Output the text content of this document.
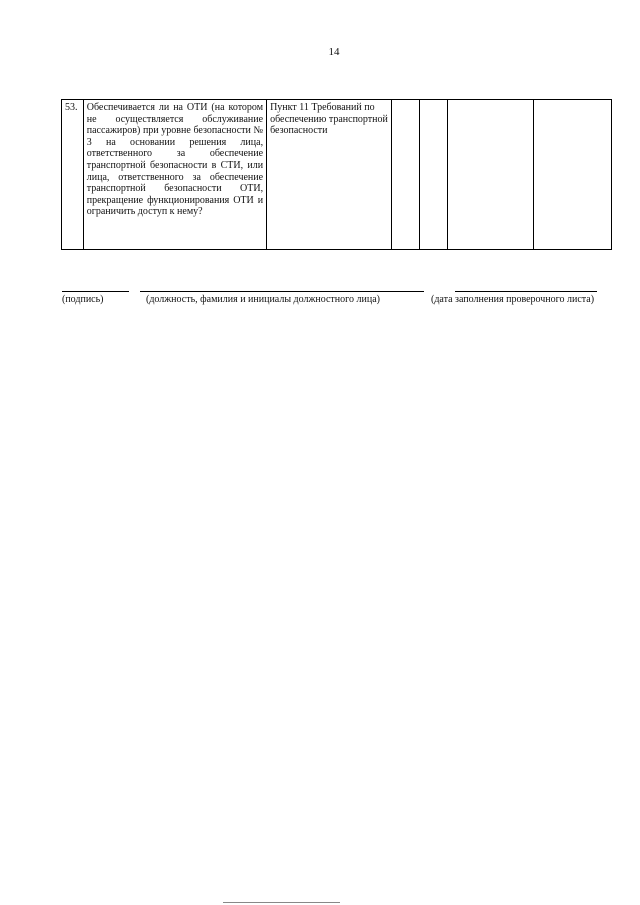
14
53.	Обеспечивается ли на ОТИ (на котором не осуществляется обслуживание пассажиров) при уровне безопасности № 3 на основании решения лица, ответственного за обеспечение транспортной безопасности в СТИ, или лица, ответственного за обеспечение транспортной безопасности ОТИ, прекращение функционирования ОТИ и ограничить доступ к нему?	Пункт 11 Требований по обеспечению транспортной безопасности				
(подпись)	(должность, фамилия и инициалы должностного лица)	(дата заполнения проверочного листа)
